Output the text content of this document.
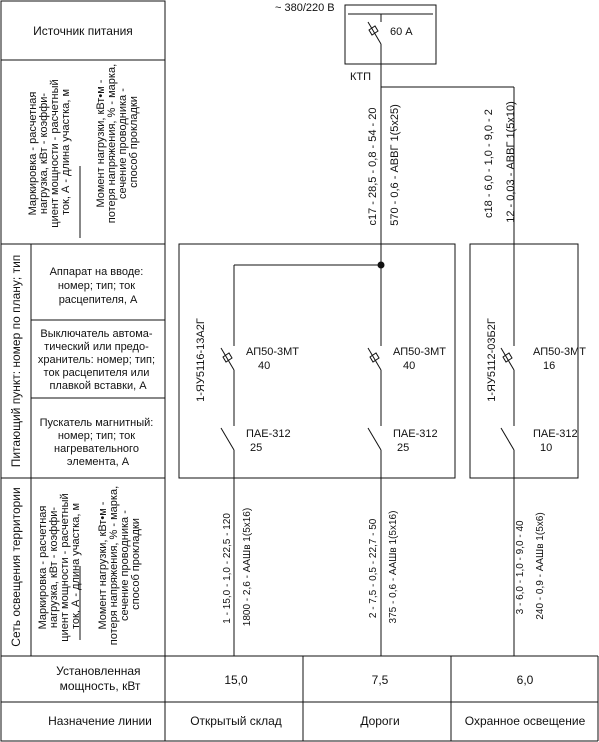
Источник питания
Маркировка - расчетная нагрузка, кВт - коэффи- циент мощности - расчетный ток, А - длина участка, м Момент нагрузки, кВт•м - потеря напряжения, % - марка, сечение проводника - способ прокладки
Питающий пункт: номер по плану; тип Аппарат на вводе: номер; тип; ток расцепителя, А
Выключатель автома- тический или предо- хранитель: номер; тип; ток расцепителя или плавкой вставки, А
Пускатель магнитный: номер; тип; ток нагревательного элемента, А
Сеть освещения территории Маркировка - расчетная нагрузка, кВт - коэффи- циент мощности - расчетный ток, А - длина участка, м Момент нагрузки, кВт•м - потеря напряжения, % - марка, сечение проводника - способ прокладки
Установленная мощность, кВт
Назначение линии
~ 380/220 В
60 А
КТП
с17 - 28,5 - 0,8 - 54 - 20 570 - 0,6 - АВВГ 1(5х25)	с18 - 6,0 - 1,0 - 9,0 - 2 12 - 0,03 - АВВГ 1(5х10)
1-ЯУ5116-13А2Г	1-ЯУ5112-03Б2Г
АП50-3МТ
40
ПАЕ-312
25
АП50-3МТ
40
ПАЕ-312
25
АП50-3МТ
16
ПАЕ-312
10
1 - 15,0 - 1,0 - 22,5 - 120 1800 - 2,6 - ААШв 1(5х16)	2 - 7,5 - 0,5 - 22,7 - 50 375 - 0,6 - ААШв 1(5х16)	3 - 6,0 - 1,0 - 9,0 - 40 240 - 0,9 - ААШв 1(5х6)
15,0	7,5	6,0
Открытый склад	Дороги	Охранное освещение
